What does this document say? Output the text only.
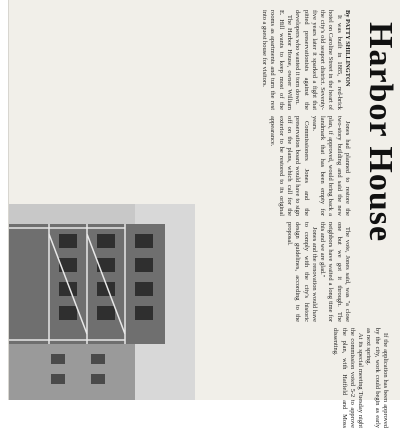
Harbor House

By PATTY SHILLINGTON

It was built in 1885, a red-brick hotel on Caroline Street in the heart of the city's old seaport district. Seventy-five years later it sparked a fight that pitted preservationists against the developers who wanted it torn down.

The Harbor House, owner William E. Hill wants to keep most of the rooms as apartments and turn the rest into a guest house for visitors.

Jones had planned to restore the two-story building and said the new plan, if approved, would bring back a landmark that has been empty for years.

Commissioners Jones and the preservation board would have to sign off on the plans, which call for the exterior to be restored to its original appearance.

The vote, Jones said, was "a close one but we got it through. The neighbors have waited a long time for this and we are glad."

Jones and the renovation would have to comply with the city's historic design guidelines, according to the proposal.

If the application has been approved by the city, work could begin as early as next spring.

At its special meeting Tuesday night the commission voted 5-2 to approve the plan, with Hatfield and Moss dissenting.
